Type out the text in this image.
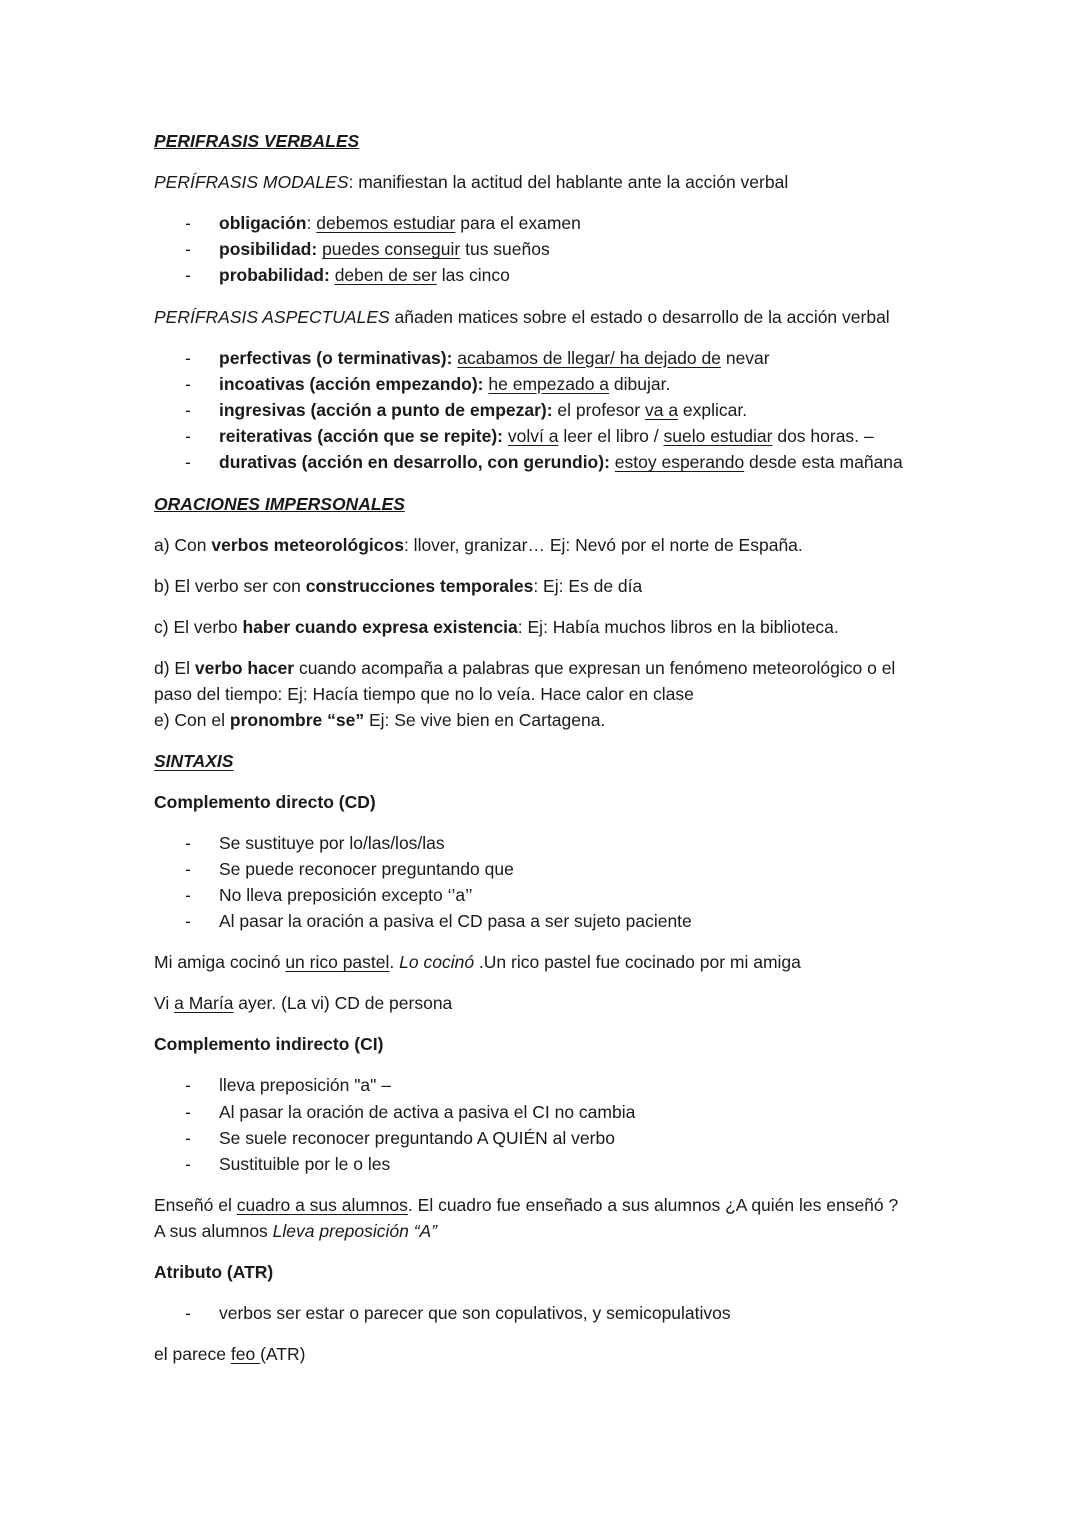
PERIFRASIS VERBALES

PERÍFRASIS MODALES: manifiestan la actitud del hablante ante la acción verbal

- obligación: debemos estudiar para el examen
- posibilidad: puedes conseguir tus sueños
- probabilidad: deben de ser las cinco

PERÍFRASIS ASPECTUALES añaden matices sobre el estado o desarrollo de la acción verbal

- perfectivas (o terminativas): acabamos de llegar/ ha dejado de nevar
- incoativas (acción empezando): he empezado a dibujar.
- ingresivas (acción a punto de empezar): el profesor va a explicar.
- reiterativas (acción que se repite): volví a leer el libro / suelo estudiar dos horas. –
- durativas (acción en desarrollo, con gerundio): estoy esperando desde esta mañana

ORACIONES IMPERSONALES

a) Con verbos meteorológicos: llover, granizar… Ej: Nevó por el norte de España.

b) El verbo ser con construcciones temporales: Ej: Es de día

c) El verbo haber cuando expresa existencia: Ej: Había muchos libros en la biblioteca.

d) El verbo hacer cuando acompaña a palabras que expresan un fenómeno meteorológico o el
paso del tiempo: Ej: Hacía tiempo que no lo veía. Hace calor en clase
e) Con el pronombre “se” Ej: Se vive bien en Cartagena.

SINTAXIS

Complemento directo (CD)

- Se sustituye por lo/las/los/las
- Se puede reconocer preguntando que
- No lleva preposición excepto ‘’a’’
- Al pasar la oración a pasiva el CD pasa a ser sujeto paciente

Mi amiga cocinó un rico pastel. Lo cocinó .Un rico pastel fue cocinado por mi amiga

Vi a María ayer. (La vi) CD de persona

Complemento indirecto (CI)

- lleva preposición "a" –
- Al pasar la oración de activa a pasiva el CI no cambia
- Se suele reconocer preguntando A QUIÉN al verbo
- Sustituible por le o les

Enseñó el cuadro a sus alumnos. El cuadro fue enseñado a sus alumnos ¿A quién les enseñó ?
A sus alumnos Lleva preposición “A”

Atributo (ATR)

- verbos ser estar o parecer que son copulativos, y semicopulativos

el parece feo (ATR)
